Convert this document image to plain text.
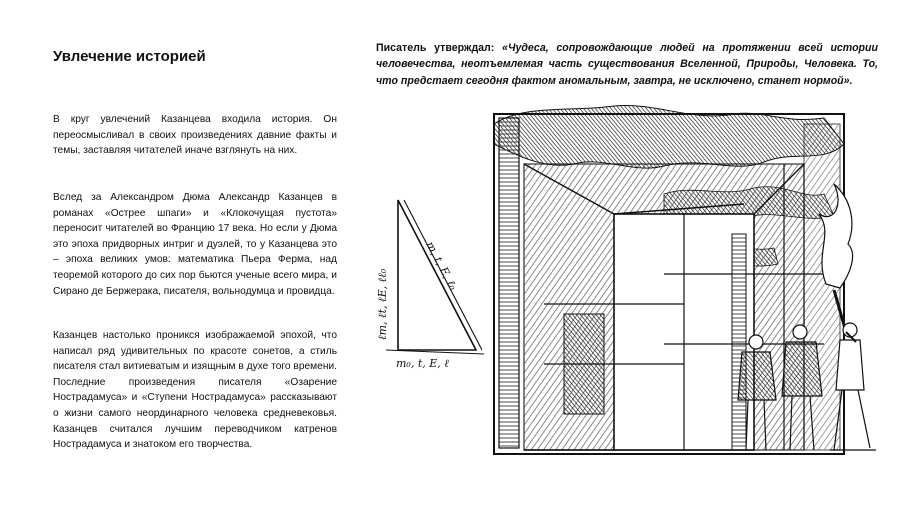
Увлечение историей

В круг увлечений Казанцева входила история. Он переосмысливал в своих произведениях давние факты и темы, заставляя читателей иначе взглянуть на них.

Вслед за Александром Дюма Александр Казанцев в романах «Острее шпаги» и «Клокочущая пустота» переносит читателей во Францию 17 века. Но если у Дюма это эпоха придворных интриг и дуэлей, то у Казанцева это – эпоха великих умов: математика Пьера Ферма, над теоремой которого до сих пор бьются ученые всего мира, и Сирано де Бержерака, писателя, вольнодумца и провидца.

Казанцев настолько проникся изображаемой эпохой, что написал ряд удивительных по красоте сонетов, а стиль писателя стал витиеватым и изящным в духе того времени. Последние произведения писателя «Озарение Нострадамуса» и «Ступени Нострадамуса» рассказывают о жизни самого неординарного человека средневековья. Казанцев считался лучшим переводчиком катренов Нострадамуса и знатоком его творчества.

Писатель утверждал: «Чудеса, сопровождающие людей на протяжении всей истории человечества, неотъемлемая часть существования Вселенной, Природы, Человека. То, что предстает сегодня фактом аномальным, завтра, не исключено, станет нормой».
m₀, t, E, ℓ
ℓm, ℓt, ℓE, ℓℓ₀
m, t, E, ℓ₀
